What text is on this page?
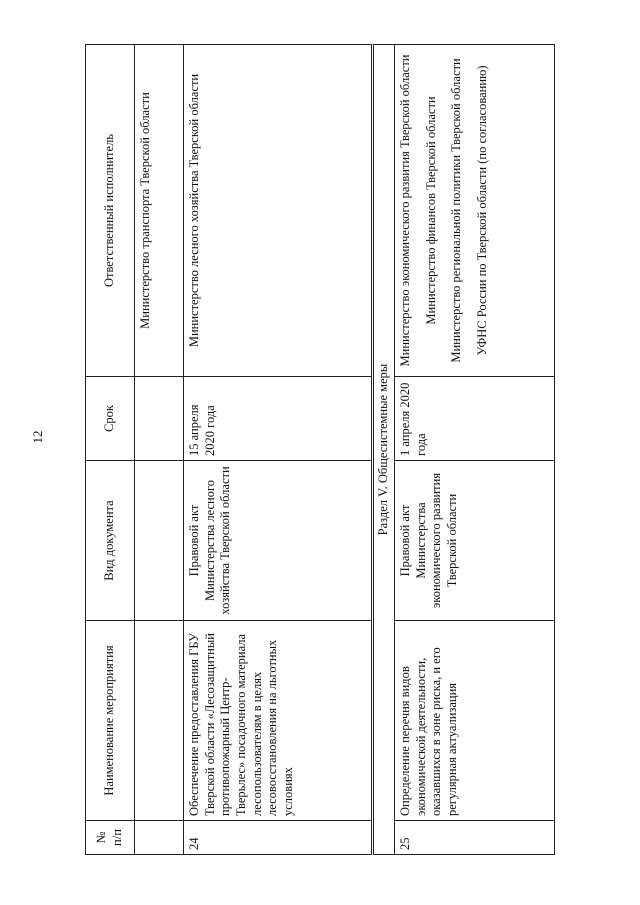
12
№ п/п	Наименование мероприятия	Вид документа	Срок	Ответственный исполнитель
				Министерство транспорта Тверской области
24	Обеспечение предоставления ГБУ Тверской области «Лесозащитный противопожарный Центр-Тверьлес» посадочного материала лесопользователям в целях лесовосстановления на льготных условиях	Правовой акт Министерства лесного хозяйства Тверской области	15 апреля 2020 года	Министерство лесного хозяйства Тверской области

Раздел V. Общесистемные меры				
25	Определение перечня видов экономической деятельности, оказавшихся в зоне риска, и его регулярная актуализация	Правовой акт Министерства экономического развития Тверской области	1 апреля 2020 года	Министерство экономического развития Тверской области Министерство финансов Тверской области Министерство региональной политики Тверской области УФНС России по Тверской области (по согласованию)
